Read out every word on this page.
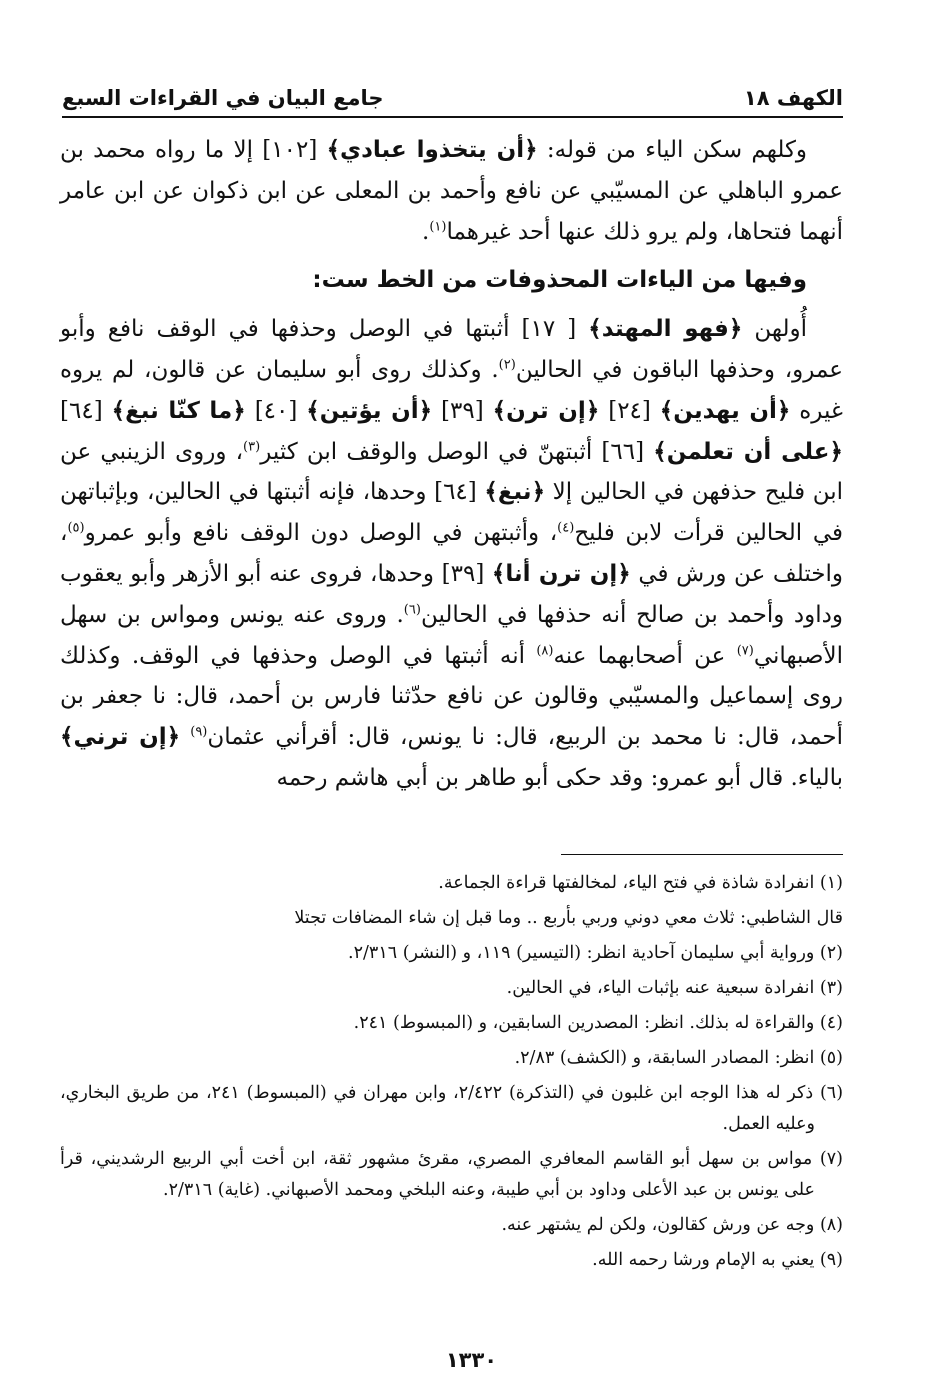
الكهف ١٨
جامع البيان في القراءات السبع

وكلهم سكن الياء من قوله: ﴿أن يتخذوا عبادي﴾ [١٠٢] إلا ما رواه محمد بن عمرو الباهلي عن المسيّبي عن نافع وأحمد بن المعلى عن ابن ذكوان عن ابن عامر أنهما فتحاها، ولم يرو ذلك عنها أحد غيرهما$^{(١)}$.

وفيها من الياءات المحذوفات من الخط ست:

أُولهن ﴿فهو المهتد﴾ [ ١٧] أثبتها في الوصل وحذفها في الوقف نافع وأبو عمرو، وحذفها الباقون في الحالين$^{(٢)}$. وكذلك روى أبو سليمان عن قالون، لم يروه غيره ﴿أن يهدين﴾ [٢٤] ﴿إن ترن﴾ [٣٩] ﴿أن يؤتين﴾ [٤٠] ﴿ما كنّا نبغ﴾ [٦٤] ﴿على أن تعلمن﴾ [٦٦] أثبتهنّ في الوصل والوقف ابن كثير$^{(٣)}$، وروى الزينبي عن ابن فليح حذفهن في الحالين إلا ﴿نبغ﴾ [٦٤] وحدها، فإنه أثبتها في الحالين، وبإثباتهن في الحالين قرأت لابن فليح$^{(٤)}$، وأثبتهن في الوصل دون الوقف نافع وأبو عمرو$^{(٥)}$، واختلف عن ورش في ﴿إن ترن أنا﴾ [٣٩] وحدها، فروى عنه أبو الأزهر وأبو يعقوب وداود وأحمد بن صالح أنه حذفها في الحالين$^{(٦)}$. وروى عنه يونس ومواس بن سهل الأصبهاني$^{(٧)}$ عن أصحابهما عنه$^{(٨)}$ أنه أثبتها في الوصل وحذفها في الوقف. وكذلك روى إسماعيل والمسيّبي وقالون عن نافع حدّثنا فارس بن أحمد، قال: نا جعفر بن أحمد، قال: نا محمد بن الربيع، قال: نا يونس، قال: أقرأني عثمان$^{(٩)}$ ﴿إن ترني﴾ بالياء. قال أبو عمرو: وقد حكى أبو طاهر بن أبي هاشم رحمه

(١) انفرادة شاذة في فتح الياء، لمخالفتها قراءة الجماعة.

قال الشاطبي: ثلاث معي دوني وربي بأربع .. وما قبل إن شاء المضافات تجتلا

(٢) ورواية أبي سليمان آحادية انظر: (التيسير) ١١٩، و (النشر) ٢/٣١٦.

(٣) انفرادة سبعية عنه بإثبات الياء، في الحالين.

(٤) والقراءة له بذلك. انظر: المصدرين السابقين، و (المبسوط) ٢٤١.

(٥) انظر: المصادر السابقة، و (الكشف) ٢/٨٣.

(٦) ذكر له هذا الوجه ابن غلبون في (التذكرة) ٢/٤٢٢، وابن مهران في (المبسوط) ٢٤١، من طريق البخاري، وعليه العمل.

(٧) مواس بن سهل أبو القاسم المعافري المصري، مقرئ مشهور ثقة، ابن أخت أبي الربيع الرشديني، قرأ على يونس بن عبد الأعلى وداود بن أبي طيبة، وعنه البلخي ومحمد الأصبهاني. (غاية) ٢/٣١٦.

(٨) وجه عن ورش كقالون، ولكن لم يشتهر عنه.

(٩) يعني به الإمام ورشا رحمه الله.

١٣٣٠
